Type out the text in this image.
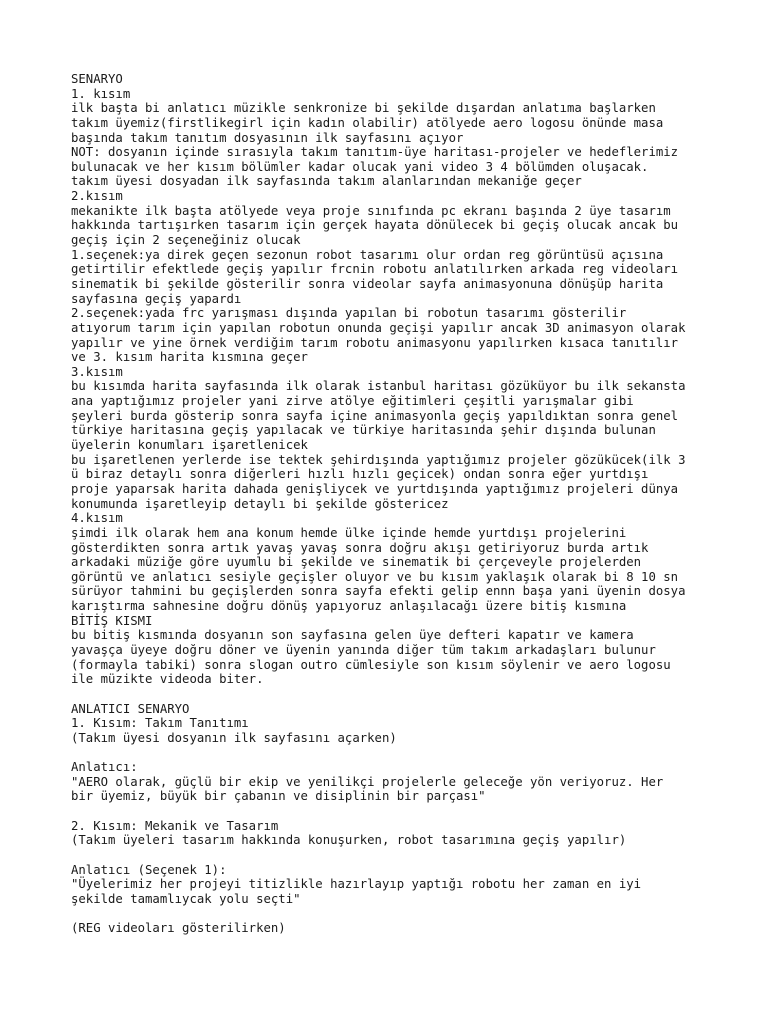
SENARYO
1. kısım
ilk başta bi anlatıcı müzikle senkronize bi şekilde dışardan anlatıma başlarken
takım üyemiz(firstlikegirl için kadın olabilir) atölyede aero logosu önünde masa
başında takım tanıtım dosyasının ilk sayfasını açıyor
NOT: dosyanın içinde sırasıyla takım tanıtım-üye haritası-projeler ve hedeflerimiz
bulunacak ve her kısım bölümler kadar olucak yani video 3 4 bölümden oluşacak.
takım üyesi dosyadan ilk sayfasında takım alanlarından mekaniğe geçer
2.kısım
mekanikte ilk başta atölyede veya proje sınıfında pc ekranı başında 2 üye tasarım
hakkında tartışırken tasarım için gerçek hayata dönülecek bi geçiş olucak ancak bu
geçiş için 2 seçeneğiniz olucak
1.seçenek:ya direk geçen sezonun robot tasarımı olur ordan reg görüntüsü açısına
getirtilir efektlede geçiş yapılır frcnin robotu anlatılırken arkada reg videoları
sinematik bi şekilde gösterilir sonra videolar sayfa animasyonuna dönüşüp harita
sayfasına geçiş yapardı
2.seçenek:yada frc yarışması dışında yapılan bi robotun tasarımı gösterilir
atıyorum tarım için yapılan robotun onunda geçişi yapılır ancak 3D animasyon olarak
yapılır ve yine örnek verdiğim tarım robotu animasyonu yapılırken kısaca tanıtılır
ve 3. kısım harita kısmına geçer
3.kısım
bu kısımda harita sayfasında ilk olarak istanbul haritası gözüküyor bu ilk sekansta
ana yaptığımız projeler yani zirve atölye eğitimleri çeşitli yarışmalar gibi
şeyleri burda gösterip sonra sayfa içine animasyonla geçiş yapıldıktan sonra genel
türkiye haritasına geçiş yapılacak ve türkiye haritasında şehir dışında bulunan
üyelerin konumları işaretlenicek
bu işaretlenen yerlerde ise tektek şehirdışında yaptığımız projeler gözükücek(ilk 3
ü biraz detaylı sonra diğerleri hızlı hızlı geçicek) ondan sonra eğer yurtdışı
proje yaparsak harita dahada genişliycek ve yurtdışında yaptığımız projeleri dünya
konumunda işaretleyip detaylı bi şekilde göstericez
4.kısım
şimdi ilk olarak hem ana konum hemde ülke içinde hemde yurtdışı projelerini
gösterdikten sonra artık yavaş yavaş sonra doğru akışı getiriyoruz burda artık
arkadaki müziğe göre uyumlu bi şekilde ve sinematik bi çerçeveyle projelerden
görüntü ve anlatıcı sesiyle geçişler oluyor ve bu kısım yaklaşık olarak bi 8 10 sn
sürüyor tahmini bu geçişlerden sonra sayfa efekti gelip ennn başa yani üyenin dosya
karıştırma sahnesine doğru dönüş yapıyoruz anlaşılacağı üzere bitiş kısmına
BİTİŞ KISMI
bu bitiş kısmında dosyanın son sayfasına gelen üye defteri kapatır ve kamera
yavaşça üyeye doğru döner ve üyenin yanında diğer tüm takım arkadaşları bulunur
(formayla tabiki) sonra slogan outro cümlesiyle son kısım söylenir ve aero logosu
ile müzikte videoda biter.
ANLATICI SENARYO
1. Kısım: Takım Tanıtımı
(Takım üyesi dosyanın ilk sayfasını açarken)
Anlatıcı:
"AERO olarak, güçlü bir ekip ve yenilikçi projelerle geleceğe yön veriyoruz. Her
bir üyemiz, büyük bir çabanın ve disiplinin bir parçası"
2. Kısım: Mekanik ve Tasarım
(Takım üyeleri tasarım hakkında konuşurken, robot tasarımına geçiş yapılır)
Anlatıcı (Seçenek 1):
"Üyelerimiz her projeyi titizlikle hazırlayıp yaptığı robotu her zaman en iyi
şekilde tamamlıycak yolu seçti"
(REG videoları gösterilirken)
